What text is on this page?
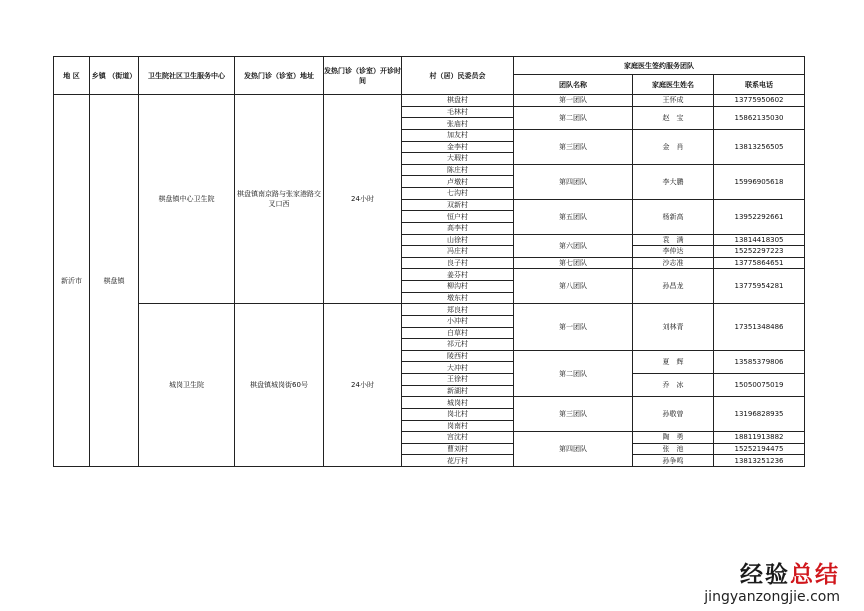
地 区	乡镇 （街道）	卫生院社区卫生服务中心	发热门诊（诊室）地址	发热门诊（诊室）开诊时间	村（居）民委员会	家庭医生签约服务团队		
						团队名称	家庭医生姓名	联系电话
新沂市	棋盘镇	棋盘镇中心卫生院	棋盘镇南京路与张家港路交叉口西	24小时	棋盘村	第一团队	王怀成	13775950602
					毛林村	第二团队	赵　宝	15862135030
					张庙村			
					加友村	第三团队	金　肖	13813256505
					金李村			
					大瑕村			
					陈庄村	第四团队	李大鹏	15996905618
					卢墩村			
					七沟村			
					双新村	第五团队	杨新高	13952292661
					恒户村			
					高李村			
					山徐村	第六团队	袁　满	13814418305
					冯庄村		李仲达	15252297223
					良子村	第七团队	沙志准	13775864651
					姜芬村	第八团队	孙昌龙	13775954281
					柳沟村			
					墩东村			
		城岗卫生院	棋盘镇城岗街60号	24小时	郑良村	第一团队	刘林青	17351348486
					小冲村			
					白草村			
					祁元村			
					陵西村	第二团队	夏　辉	13585379806
					大冲村			
					王徐村		乔　冰	15050075019
					新湖村			
					城岗村	第三团队	孙敬曾	13196828935
					岗北村			
					岗南村			
					宫沈村	第四团队	陶　勇	18811913882
					曹刘村		张　池	15252194475
					花厅村		孙争鸣	13813251236
经验总结
jingyanzongjie.com
